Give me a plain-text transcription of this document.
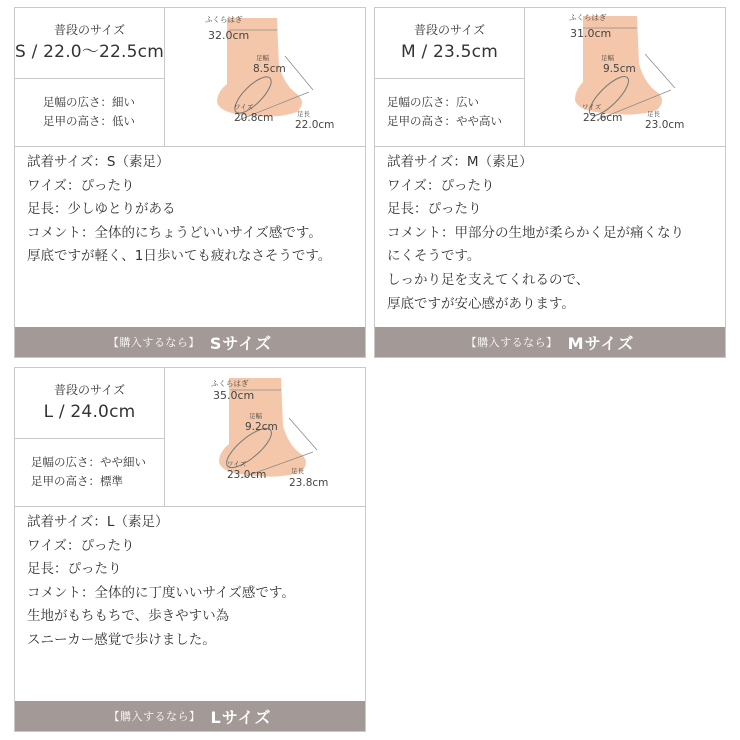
普段のサイズ
S / 22.0〜22.5cm
足幅の広さ：細い
足甲の高さ：低い
ふくらはぎ
32.0cm
足幅
8.5cm
ワイズ
20.8cm	足長
22.0cm
試着サイズ：S（素足）
ワイズ：ぴったり
足長：少しゆとりがある
コメント：全体的にちょうどいいサイズ感です。
厚底ですが軽く、1日歩いても疲れなさそうです。
【購入するなら】 Sサイズ
普段のサイズ
M / 23.5cm
足幅の広さ：広い
足甲の高さ：やや高い
ふくらはぎ
31.0cm
足幅
9.5cm
ワイズ
22.6cm	足長
23.0cm
試着サイズ：M（素足）
ワイズ：ぴったり
足長：ぴったり
コメント：甲部分の生地が柔らかく足が痛くなり
にくそうです。
しっかり足を支えてくれるので、
厚底ですが安心感があります。
【購入するなら】 Mサイズ
普段のサイズ
L / 24.0cm
足幅の広さ：やや細い
足甲の高さ：標準
ふくらはぎ
35.0cm
足幅
9.2cm
ワイズ
23.0cm	足長
23.8cm
試着サイズ：L（素足）
ワイズ：ぴったり
足長：ぴったり
コメント：全体的に丁度いいサイズ感です。
生地がもちもちで、歩きやすい為
スニーカー感覚で歩けました。
【購入するなら】 Lサイズ
